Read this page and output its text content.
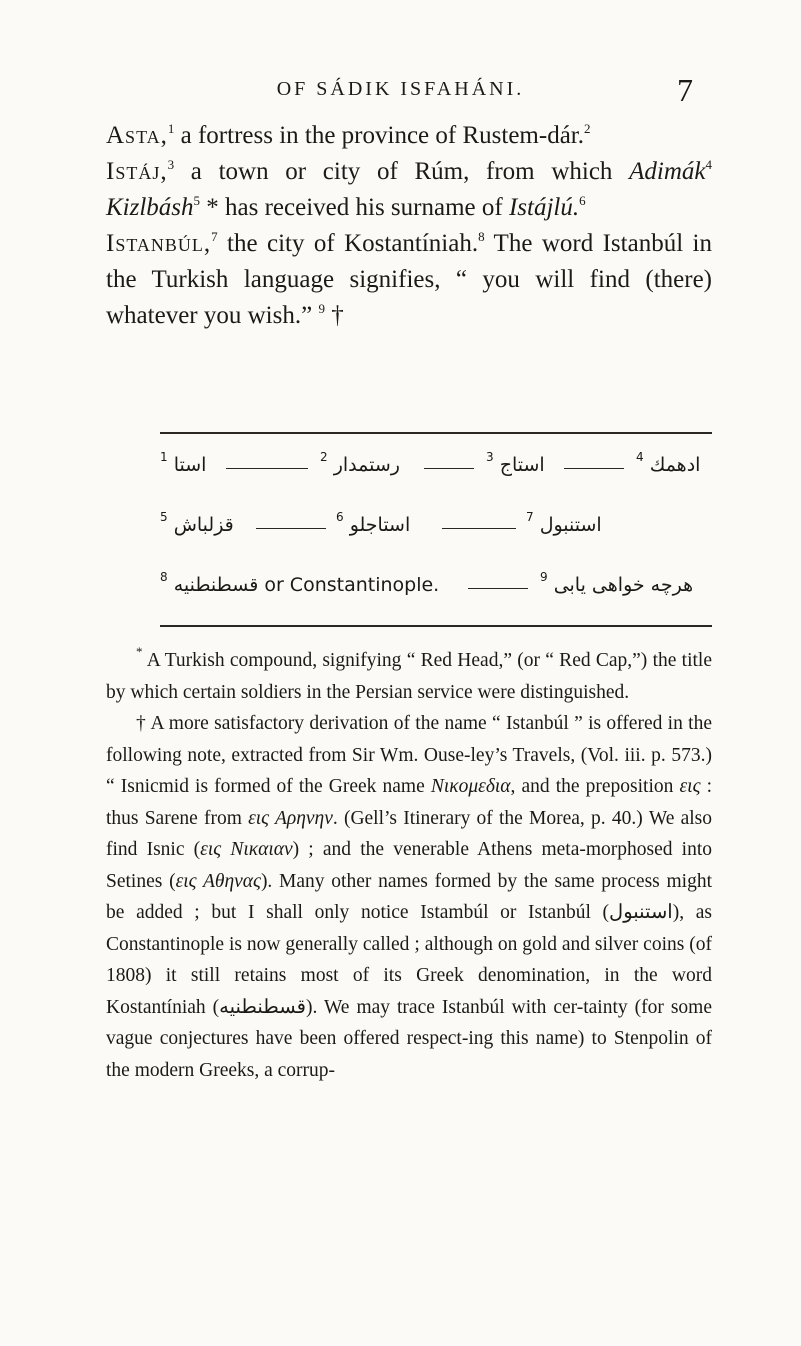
OF SÁDIK ISFAHÁNI.	7

Asta,$^1$ a fortress in the province of Rustem-dár.$^2$

Istáj,$^3$ a town or city of Rúm, from which Adimák$^4$ Kizlbásh$^5$ * has received his surname of Istájlú.$^6$

Istanbúl,$^7$ the city of Kostantíniah.$^8$ The word Istanbúl in the Turkish language signifies, “ you will find (there) whatever you wish.” $^9$ †

$^1$ استا	$^2$ رستمدار	$^3$ استاج	$^4$ ادهمك
$^5$ قزلباش	$^6$ استاجلو	$^7$ استنبول
$^8$ قسطنطنيه or Constantinople.	$^9$ هرچه خواهی یابی

* A Turkish compound, signifying “ Red Head,” (or “ Red Cap,”) the title by which certain soldiers in the Persian service were distinguished.

† A more satisfactory derivation of the name “ Istanbúl ” is offered in the following note, extracted from Sir Wm. Ouse-ley’s Travels, (Vol. iii. p. 573.) “ Isnicmid is formed of the Greek name Νικομεδια, and the preposition εις : thus Sarene from εις Αρηνην. (Gell’s Itinerary of the Morea, p. 40.) We also find Isnic (εις Νικαιαν) ; and the venerable Athens meta-morphosed into Setines (εις Αθηνας). Many other names formed by the same process might be added ; but I shall only notice Istambúl or Istanbúl (استنبول), as Constantinople is now generally called ; although on gold and silver coins (of 1808) it still retains most of its Greek denomination, in the word Kostantíniah (قسطنطنيه). We may trace Istanbúl with cer-tainty (for some vague conjectures have been offered respect-ing this name) to Stenpolin of the modern Greeks, a corrup-
